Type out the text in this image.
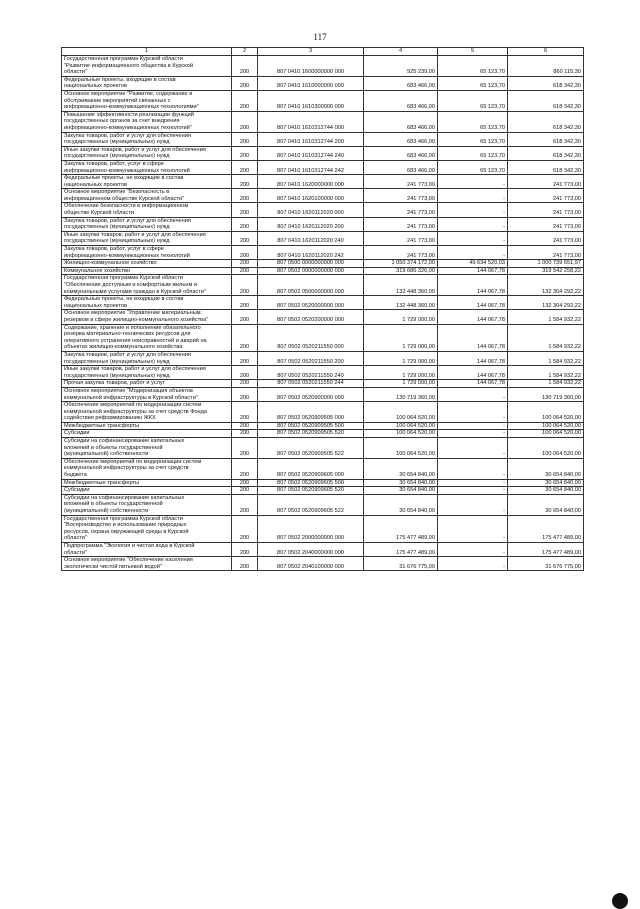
117
1	2	3	4	5	6
Государственная программа Курской области
"Развитие информационного общества в Курской
области"	200	807 0410 1600000000 000	925 239,00	65 123,70	860 115,30
Федеральные проекты, входящие в состав
национальных проектов	200	807 0410 1610000000 000	683 466,00	65 123,70	618 342,30
Основное мероприятие "Развитие, содержание и
обслуживание мероприятий связанных с
информационно-коммуникационных технологиями"	200	807 0410 1610300000 000	683 466,00	65 123,70	618 342,30
Повышение эффективности реализации функций
государственных органов за счет внедрения
информационно-коммуникационных технологий"	200	807 0410 1610312744 000	683 466,00	65 123,70	618 342,30
Закупка товаров, работ и услуг для обеспечения
государственных (муниципальных) нужд	200	807 0410 1610312744 200	683 466,00	65 123,70	618 342,30
Иные закупки товаров, работ и услуг для обеспечения
государственных (муниципальных) нужд	200	807 0410 1610312744 240	683 466,00	65 123,70	618 342,30
Закупка товаров, работ, услуг в сфере
информационно-коммуникационных технологий	200	807 0410 1610312744 242	683 466,00	65 123,70	618 342,30
Федеральные проекты, не входящие в состав
национальных проектов	200	807 0410 1620000000 000	241 773,00	-	241 773,00
Основное мероприятие "Безопасность в
информационном обществе Курской области"	200	807 0410 1620100000 000	241 773,00	-	241 773,00
Обеспечение безопасности в информационном
обществе Курской области	200	807 0410 1620112020 000	241 773,00	-	241 773,00
Закупка товаров, работ и услуг для обеспечения
государственных (муниципальных) нужд	200	807 0410 1620112020 200	241 773,00	-	241 773,00
Иные закупки товаров, работ и услуг для обеспечения
государственных (муниципальных) нужд	200	807 0410 1620112020 240	241 773,00	-	241 773,00
Закупка товаров, работ, услуг в сфере
информационно-коммуникационных технологий	200	807 0410 1620112020 242	241 773,00	-	241 773,00
Жилищно-коммунальное хозяйство	200	807 0500 0000000000 000	1 050 374 172,00	49 634 520,03	1 000 739 651,97
Коммунальное хозяйство	200	807 0502 0000000000 000	319 686 326,00	144 067,78	319 542 258,22
Государственная программа Курской области
"Обеспечение доступным и комфортным жильем и
коммунальными услугами граждан в Курской области"	200	807 0502 0500000000 000	132 448 360,00	144 067,78	132 304 292,22
Федеральные проекты, не входящие в состав
национальных проектов	200	807 0502 0520000000 000	132 448 360,00	144 067,78	132 304 292,22
Основное мероприятие "Управление материальным
резервом в сфере жилищно-коммунального хозяйства"	200	807 0502 0520200000 000	1 729 000,00	144 067,78	1 584 932,22
Содержание, хранение и пополнение обязательного
резерва материально-технических ресурсов для
оперативного устранения неисправностей и аварий на
объектах жилищно-коммунального хозяйства	200	807 0502 0520211550 000	1 729 000,00	144 067,78	1 584 932,22
Закупка товаров, работ и услуг для обеспечения
государственных (муниципальных) нужд	200	807 0502 0520211550 200	1 729 000,00	144 067,78	1 584 932,22
Иные закупки товаров, работ и услуг для обеспечения
государственных (муниципальных) нужд	200	807 0502 0520211550 240	1 729 000,00	144 067,78	1 584 932,22
Прочая закупка товаров, работ и услуг	200	807 0502 0520211550 244	1 729 000,00	144 067,78	1 584 932,22
Основное мероприятие "Модернизация объектов
коммунальной инфраструктуры в Курской области"	200	807 0502 0520900000 000	130 719 360,00	-	130 719 360,00
Обеспечение мероприятий по модернизации систем
коммунальной инфраструктуры за счет средств Фонда
содействия реформированию ЖКХ	200	807 0502 0520909505 000	100 064 520,00	-	100 064 520,00
Межбюджетные трансферты	200	807 0502 0520909505 500	100 064 520,00	-	100 064 520,00
Субсидии	200	807 0502 0520909505 520	100 064 520,00	-	100 064 520,00
Субсидии на софинансирование капитальных
вложений в объекты государственной
(муниципальной) собственности	200	807 0502 0520909505 522	100 064 520,00	-	100 064 520,00
Обеспечение мероприятий по модернизации систем
коммунальной инфраструктуры за счет средств
бюджета	200	807 0502 0520909605 000	30 654 840,00	-	30 654 840,00
Межбюджетные трансферты	200	807 0502 0520909605 500	30 654 840,00	-	30 654 840,00
Субсидии	200	807 0502 0520909605 520	30 654 840,00	-	30 654 840,00
Субсидии на софинансирование капитальных
вложений в объекты государственной
(муниципальной) собственности	200	807 0502 0520909605 522	30 654 840,00	-	30 654 840,00
Государственная программа Курской области
"Воспроизводство и использование природных
ресурсов, охрана окружающей среды в Курской
области"	200	807 0502 2000000000 000	175 477 489,00	-	175 477 489,00
Подпрограмма "Экология и чистая вода в Курской
области"	200	807 0502 2040000000 000	175 477 489,00	-	175 477 489,00
Основное мероприятие "Обеспечение населения
экологически чистой питьевой водой"	200	807 0502 2040100000 000	31 676 775,00	-	31 676 775,00
